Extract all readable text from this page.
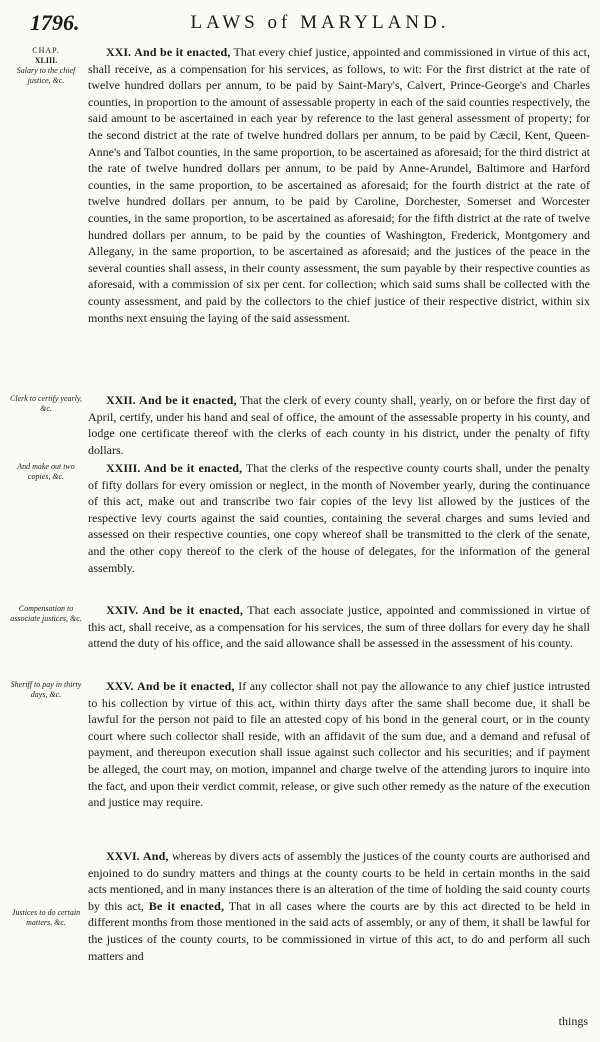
1796.	LAWS of MARYLAND.
CHAP.
XLIII.
Salary to the chief justice, &c.
Clerk to certify yearly, &c.
And make out two copies, &c.
Compensation to associate justices, &c.
Sheriff to pay in thirty days, &c.
Justices to do certain matters, &c.

XXI. And be it enacted, That every chief justice, appointed and commissioned in virtue of this act, shall receive, as a compensation for his services, as follows, to wit: For the first district at the rate of twelve hundred dollars per annum, to be paid by Saint-Mary's, Calvert, Prince-George's and Charles counties, in proportion to the amount of assessable property in each of the said counties respectively, the said amount to be ascertained in each year by reference to the last general assessment of property; for the second district at the rate of twelve hundred dollars per annum, to be paid by Cæcil, Kent, Queen-Anne's and Talbot counties, in the same proportion, to be ascertained as aforesaid; for the third district at the rate of twelve hundred dollars per annum, to be paid by Anne-Arundel, Baltimore and Harford counties, in the same proportion, to be ascertained as aforesaid; for the fourth district at the rate of twelve hundred dollars per annum, to be paid by Caroline, Dorchester, Somerset and Worcester counties, in the same proportion, to be ascertained as aforesaid; for the fifth district at the rate of twelve hundred dollars per annum, to be paid by the counties of Washington, Frederick, Montgomery and Allegany, in the same proportion, to be ascertained as aforesaid; and the justices of the peace in the several counties shall assess, in their county assessment, the sum payable by their respective counties as aforesaid, with a commission of six per cent. for collection; which said sums shall be collected with the county assessment, and paid by the collectors to the chief justice of their respective district, within six months next ensuing the laying of the said assessment.

XXII. And be it enacted, That the clerk of every county shall, yearly, on or before the first day of April, certify, under his hand and seal of office, the amount of the assessable property in his county, and lodge one certificate thereof with the clerks of each county in his district, under the penalty of fifty dollars.

XXIII. And be it enacted, That the clerks of the respective county courts shall, under the penalty of fifty dollars for every omission or neglect, in the month of November yearly, during the continuance of this act, make out and transcribe two fair copies of the levy list allowed by the justices of the respective levy courts against the said counties, containing the several charges and sums levied and assessed on their respective counties, one copy whereof shall be transmitted to the clerk of the senate, and the other copy thereof to the clerk of the house of delegates, for the information of the general assembly.

XXIV. And be it enacted, That each associate justice, appointed and commissioned in virtue of this act, shall receive, as a compensation for his services, the sum of three dollars for every day he shall attend the duty of his office, and the said allowance shall be assessed in the assessment of his county.

XXV. And be it enacted, If any collector shall not pay the allowance to any chief justice intrusted to his collection by virtue of this act, within thirty days after the same shall become due, it shall be lawful for the person not paid to file an attested copy of his bond in the general court, or in the county court where such collector shall reside, with an affidavit of the sum due, and a demand and refusal of payment, and thereupon execution shall issue against such collector and his securities; and if payment be alleged, the court may, on motion, impannel and charge twelve of the attending jurors to inquire into the fact, and upon their verdict commit, release, or give such other remedy as the nature of the execution and justice may require.

XXVI. And, whereas by divers acts of assembly the justices of the county courts are authorised and enjoined to do sundry matters and things at the county courts to be held in certain months in the said acts mentioned, and in many instances there is an alteration of the time of holding the said county courts by this act, Be it enacted, That in all cases where the courts are by this act directed to be held in different months from those mentioned in the said acts of assembly, or any of them, it shall be lawful for the justices of the county courts, to be commissioned in virtue of this act, to do and perform all such matters and

things
